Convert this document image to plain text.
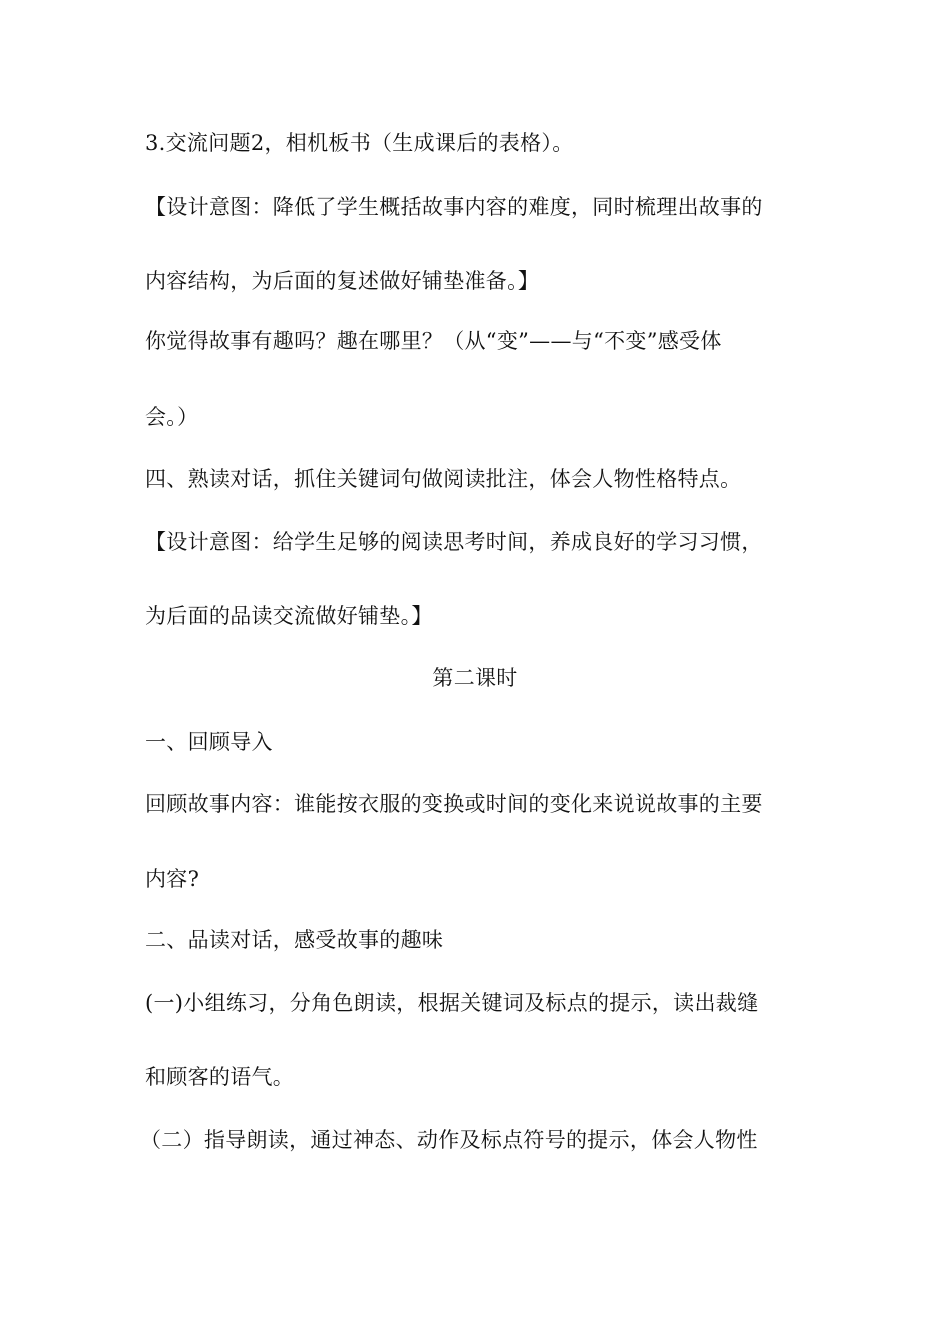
3.交流问题2，相机板书（生成课后的表格）。
【设计意图：降低了学生概括故事内容的难度，同时梳理出故事的
内容结构，为后面的复述做好铺垫准备。】
你觉得故事有趣吗？趣在哪里？（从“变”——与“不变”感受体
会。）
四、熟读对话，抓住关键词句做阅读批注，体会人物性格特点。
【设计意图：给学生足够的阅读思考时间，养成良好的学习习惯，
为后面的品读交流做好铺垫。】
第二课时
一、回顾导入
回顾故事内容：谁能按衣服的变换或时间的变化来说说故事的主要
内容?
二、品读对话，感受故事的趣味
(一)小组练习，分角色朗读，根据关键词及标点的提示，读出裁缝
和顾客的语气。
（二）指导朗读，通过神态、动作及标点符号的提示，体会人物性
